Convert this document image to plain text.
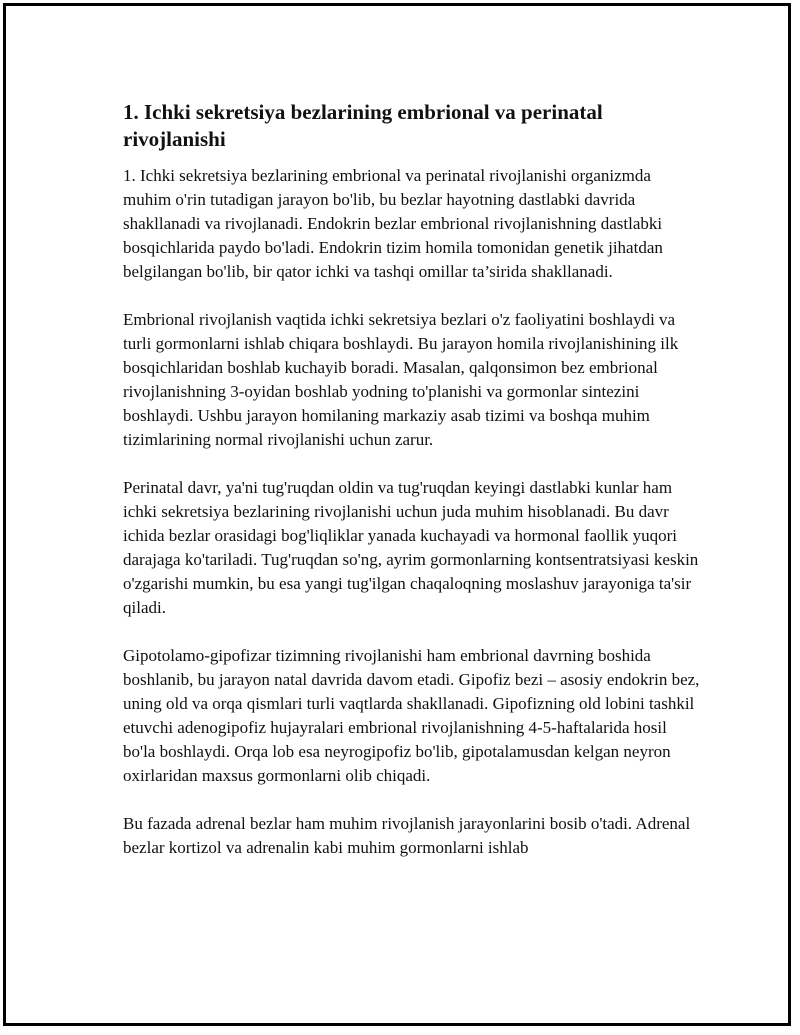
1. Ichki sekretsiya bezlarining embrional va perinatal rivojlanishi

1. Ichki sekretsiya bezlarining embrional va perinatal rivojlanishi organizmda muhim o'rin tutadigan jarayon bo'lib, bu bezlar hayotning dastlabki davrida shakllanadi va rivojlanadi. Endokrin bezlar embrional rivojlanishning dastlabki bosqichlarida paydo bo'ladi. Endokrin tizim homila tomonidan genetik jihatdan belgilangan bo'lib, bir qator ichki va tashqi omillar ta’sirida shakllanadi.

Embrional rivojlanish vaqtida ichki sekretsiya bezlari o'z faoliyatini boshlaydi va turli gormonlarni ishlab chiqara boshlaydi. Bu jarayon homila rivojlanishining ilk bosqichlaridan boshlab kuchayib boradi. Masalan, qalqonsimon bez embrional rivojlanishning 3-oyidan boshlab yodning to'planishi va gormonlar sintezini boshlaydi. Ushbu jarayon homilaning markaziy asab tizimi va boshqa muhim tizimlarining normal rivojlanishi uchun zarur.

Perinatal davr, ya'ni tug'ruqdan oldin va tug'ruqdan keyingi dastlabki kunlar ham ichki sekretsiya bezlarining rivojlanishi uchun juda muhim hisoblanadi. Bu davr ichida bezlar orasidagi bog'liqliklar yanada kuchayadi va hormonal faollik yuqori darajaga ko'tariladi. Tug'ruqdan so'ng, ayrim gormonlarning kontsentratsiyasi keskin o'zgarishi mumkin, bu esa yangi tug'ilgan chaqaloqning moslashuv jarayoniga ta'sir qiladi.

Gipotolamo-gipofizar tizimning rivojlanishi ham embrional davrning boshida boshlanib, bu jarayon natal davrida davom etadi. Gipofiz bezi – asosiy endokrin bez, uning old va orqa qismlari turli vaqtlarda shakllanadi. Gipofizning old lobini tashkil etuvchi adenogipofiz hujayralari embrional rivojlanishning 4-5-haftalarida hosil bo'la boshlaydi. Orqa lob esa neyrogipofiz bo'lib, gipotalamusdan kelgan neyron oxirlaridan maxsus gormonlarni olib chiqadi.

Bu fazada adrenal bezlar ham muhim rivojlanish jarayonlarini bosib o'tadi. Adrenal bezlar kortizol va adrenalin kabi muhim gormonlarni ishlab
